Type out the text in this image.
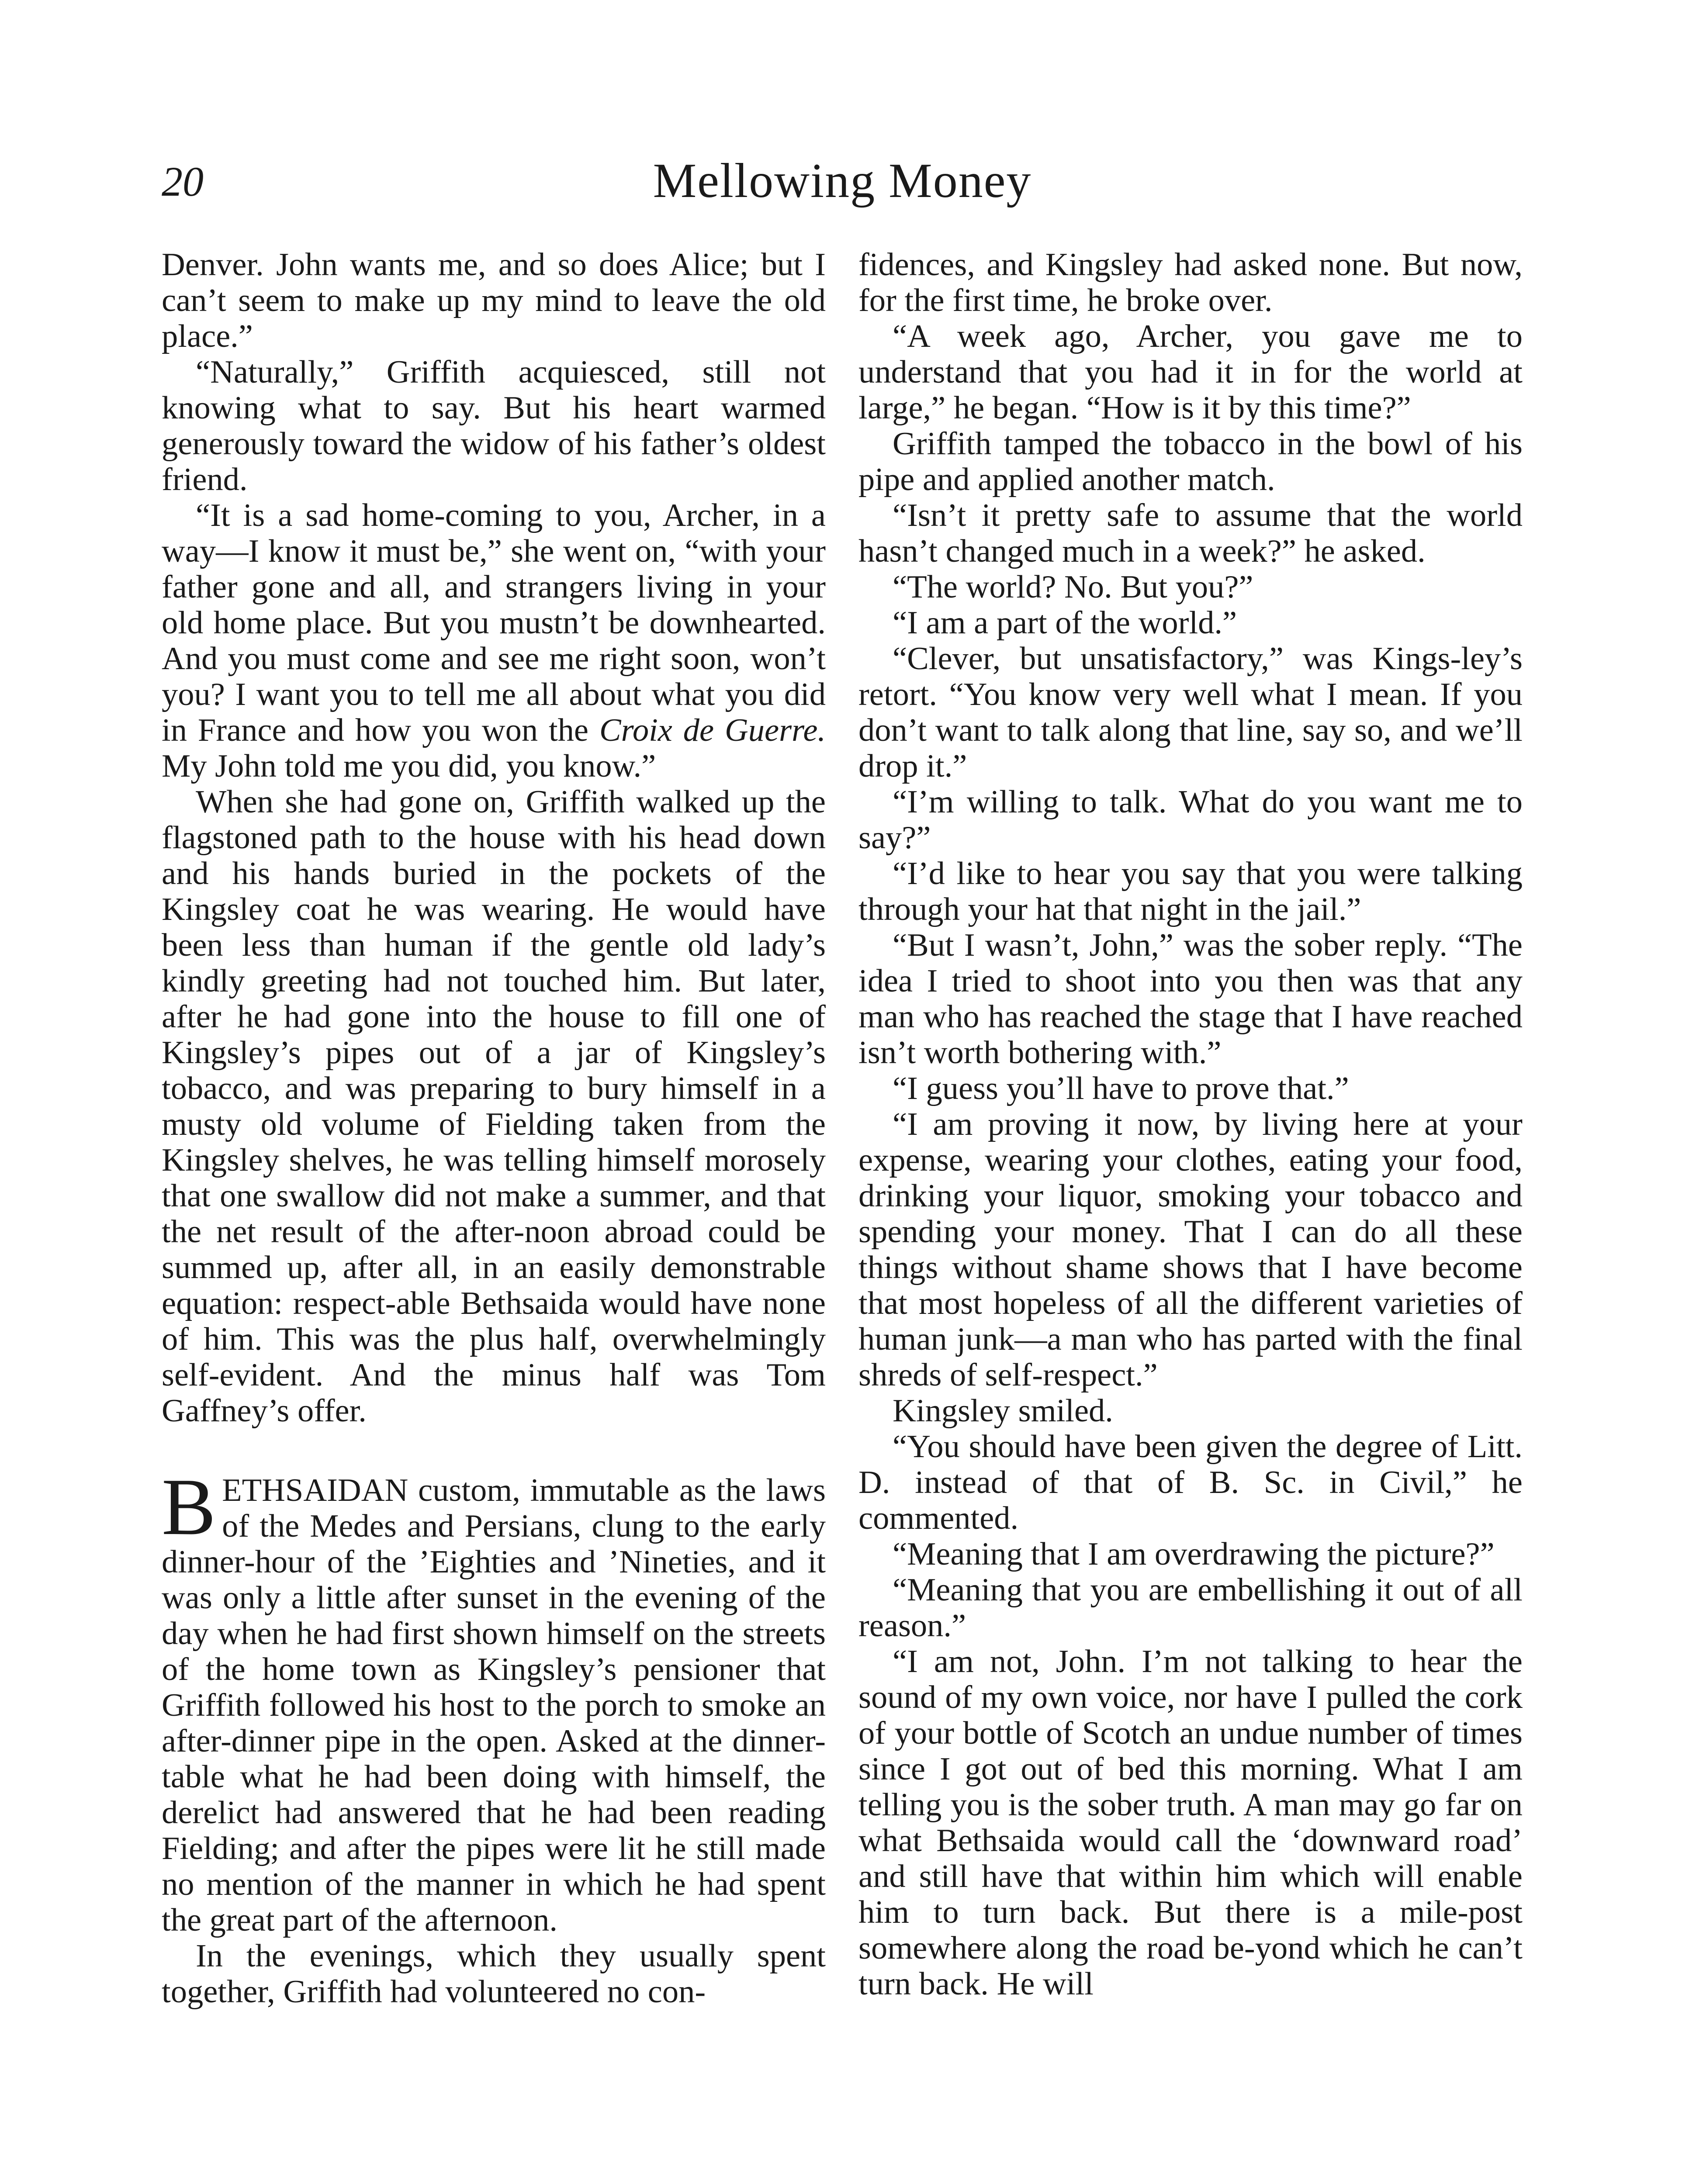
20	Mellowing Money

Denver. John wants me, and so does Alice; but I can’t seem to make up my mind to leave the old place.”

“Naturally,” Griffith acquiesced, still not knowing what to say. But his heart warmed generously toward the widow of his father’s oldest friend.

“It is a sad home-coming to you, Archer, in a way—I know it must be,” she went on, “with your father gone and all, and strangers living in your old home place. But you mustn’t be downhearted. And you must come and see me right soon, won’t you? I want you to tell me all about what you did in France and how you won the Croix de Guerre. My John told me you did, you know.”

When she had gone on, Griffith walked up the flagstoned path to the house with his head down and his hands buried in the pockets of the Kingsley coat he was wearing. He would have been less than human if the gentle old lady’s kindly greeting had not touched him. But later, after he had gone into the house to fill one of Kingsley’s pipes out of a jar of Kingsley’s tobacco, and was preparing to bury himself in a musty old volume of Fielding taken from the Kingsley shelves, he was telling himself morosely that one swallow did not make a summer, and that the net result of the after-noon abroad could be summed up, after all, in an easily demonstrable equation: respect-able Bethsaida would have none of him. This was the plus half, overwhelmingly self-evident. And the minus half was Tom Gaffney’s offer.

BETHSAIDAN custom, immutable as the laws of the Medes and Persians, clung to the early dinner-hour of the ’Eighties and ’Nineties, and it was only a little after sunset in the evening of the day when he had first shown himself on the streets of the home town as Kingsley’s pensioner that Griffith followed his host to the porch to smoke an after-dinner pipe in the open. Asked at the dinner-table what he had been doing with himself, the derelict had answered that he had been reading Fielding; and after the pipes were lit he still made no mention of the manner in which he had spent the great part of the afternoon.

In the evenings, which they usually spent together, Griffith had volunteered no con-

fidences, and Kingsley had asked none. But now, for the first time, he broke over.

“A week ago, Archer, you gave me to understand that you had it in for the world at large,” he began. “How is it by this time?”

Griffith tamped the tobacco in the bowl of his pipe and applied another match.

“Isn’t it pretty safe to assume that the world hasn’t changed much in a week?” he asked.

“The world? No. But you?”

“I am a part of the world.”

“Clever, but unsatisfactory,” was Kings-ley’s retort. “You know very well what I mean. If you don’t want to talk along that line, say so, and we’ll drop it.”

“I’m willing to talk. What do you want me to say?”

“I’d like to hear you say that you were talking through your hat that night in the jail.”

“But I wasn’t, John,” was the sober reply. “The idea I tried to shoot into you then was that any man who has reached the stage that I have reached isn’t worth bothering with.”

“I guess you’ll have to prove that.”

“I am proving it now, by living here at your expense, wearing your clothes, eating your food, drinking your liquor, smoking your tobacco and spending your money. That I can do all these things without shame shows that I have become that most hopeless of all the different varieties of human junk—a man who has parted with the final shreds of self-respect.”

Kingsley smiled.

“You should have been given the degree of Litt. D. instead of that of B. Sc. in Civil,” he commented.

“Meaning that I am overdrawing the picture?”

“Meaning that you are embellishing it out of all reason.”

“I am not, John. I’m not talking to hear the sound of my own voice, nor have I pulled the cork of your bottle of Scotch an undue number of times since I got out of bed this morning. What I am telling you is the sober truth. A man may go far on what Bethsaida would call the ‘downward road’ and still have that within him which will enable him to turn back. But there is a mile-post somewhere along the road be-yond which he can’t turn back. He will
